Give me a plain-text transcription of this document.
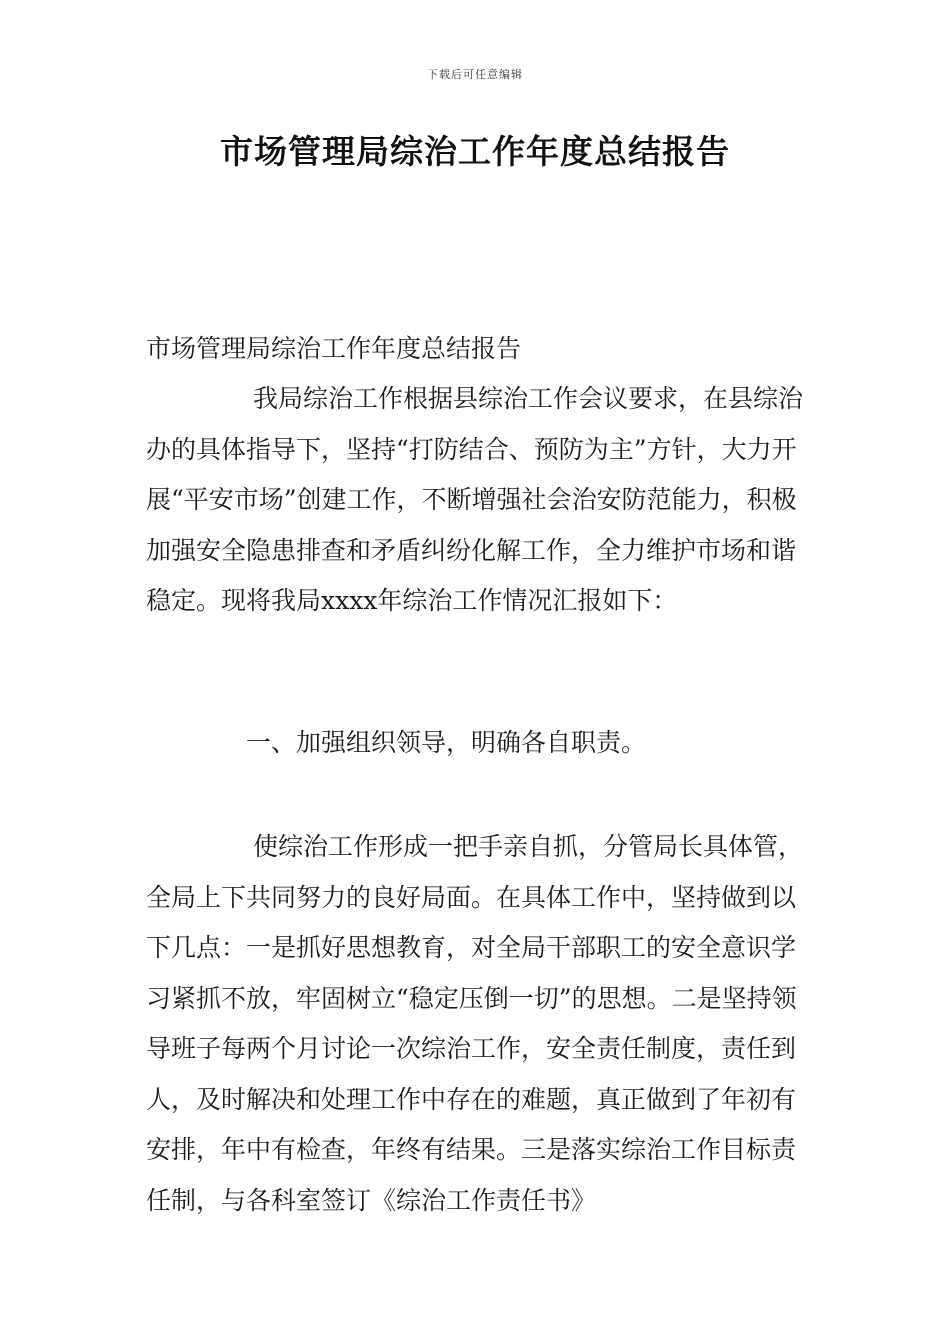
下载后可任意编辑
市场管理局综治工作年度总结报告

市场管理局综治工作年度总结报告

我局综治工作根据县综治工作会议要求，在县综治办的具体指导下，坚持“打防结合、预防为主”方针，大力开展“平安市场”创建工作，不断增强社会治安防范能力，积极加强安全隐患排查和矛盾纠纷化解工作，全力维护市场和谐稳定。现将我局xxxx年综治工作情况汇报如下：

一、加强组织领导，明确各自职责。

使综治工作形成一把手亲自抓，分管局长具体管，全局上下共同努力的良好局面。在具体工作中，坚持做到以下几点：一是抓好思想教育，对全局干部职工的安全意识学习紧抓不放，牢固树立“稳定压倒一切”的思想。二是坚持领导班子每两个月讨论一次综治工作，安全责任制度，责任到人，及时解决和处理工作中存在的难题，真正做到了年初有安排，年中有检查，年终有结果。三是落实综治工作目标责任制，与各科室签订《综治工作责任书》
